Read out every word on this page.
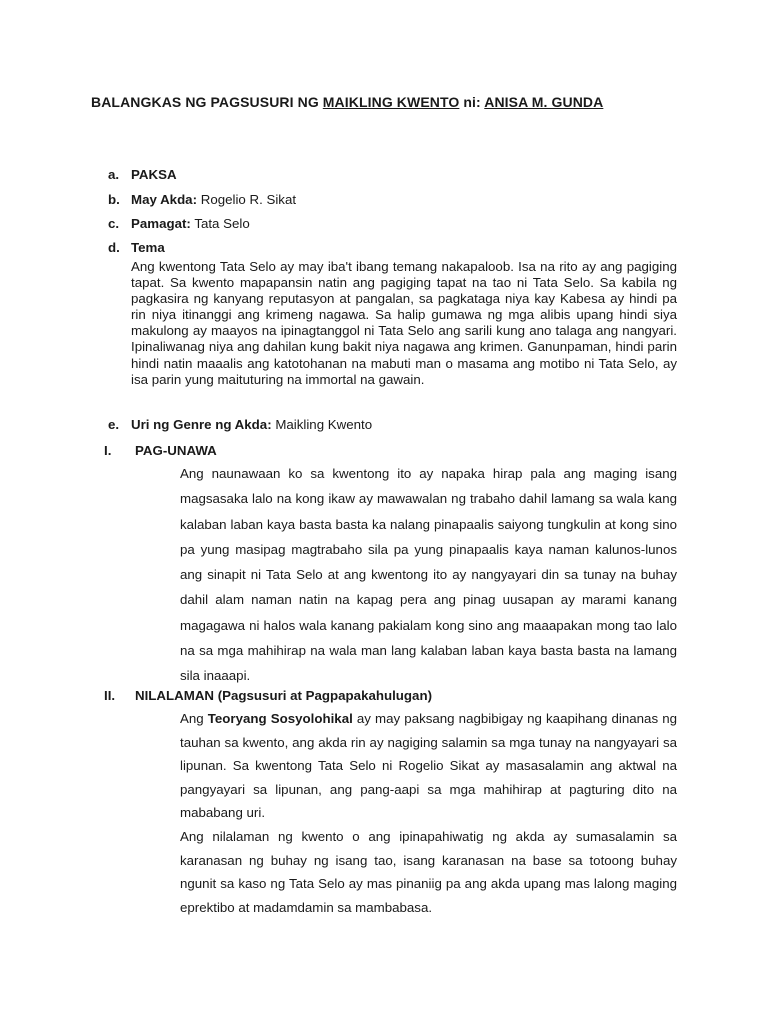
BALANGKAS NG PAGSUSURI NG MAIKLING KWENTO ni: ANISA M. GUNDA
a. PAKSA
b. May Akda: Rogelio R. Sikat
c. Pamagat: Tata Selo
d. Tema
Ang kwentong Tata Selo ay may iba't ibang temang nakapaloob. Isa na rito ay ang pagiging tapat. Sa kwento mapapansin natin ang pagiging tapat na tao ni Tata Selo. Sa kabila ng pagkasira ng kanyang reputasyon at pangalan, sa pagkataga niya kay Kabesa ay hindi pa rin niya itinanggi ang krimeng nagawa. Sa halip gumawa ng mga alibis upang hindi siya makulong ay maayos na ipinagtanggol ni Tata Selo ang sarili kung ano talaga ang nangyari. Ipinaliwanag niya ang dahilan kung bakit niya nagawa ang krimen. Ganunpaman, hindi parin hindi natin maaalis ang katotohanan na mabuti man o masama ang motibo ni Tata Selo, ay isa parin yung maituturing na immortal na gawain.
e. Uri ng Genre ng Akda: Maikling Kwento
I. PAG-UNAWA
Ang naunawaan ko sa kwentong ito ay napaka hirap pala ang maging isang magsasaka lalo na kong ikaw ay mawawalan ng trabaho dahil lamang sa wala kang kalaban laban kaya basta basta ka nalang pinapaalis saiyong tungkulin at kong sino pa yung masipag magtrabaho sila pa yung pinapaalis kaya naman kalunos-lunos ang sinapit ni Tata Selo at ang kwentong ito ay nangyayari din sa tunay na buhay dahil alam naman natin na kapag pera ang pinag uusapan ay marami kanang magagawa ni halos wala kanang pakialam kong sino ang maaapakan mong tao lalo na sa mga mahihirap na wala man lang kalaban laban kaya basta basta na lamang sila inaaapi.
II. NILALAMAN (Pagsusuri at Pagpapakahulugan)

Ang Teoryang Sosyolohikal ay may paksang nagbibigay ng kaapihang dinanas ng tauhan sa kwento, ang akda rin ay nagiging salamin sa mga tunay na nangyayari sa lipunan. Sa kwentong Tata Selo ni Rogelio Sikat ay masasalamin ang aktwal na pangyayari sa lipunan, ang pang-aapi sa mga mahihirap at pagturing dito na mababang uri.

Ang nilalaman ng kwento o ang ipinapahiwatig ng akda ay sumasalamin sa karanasan ng buhay ng isang tao, isang karanasan na base sa totoong buhay ngunit sa kaso ng Tata Selo ay mas pinaniig pa ang akda upang mas lalong maging eprektibo at madamdamin sa mambabasa.
